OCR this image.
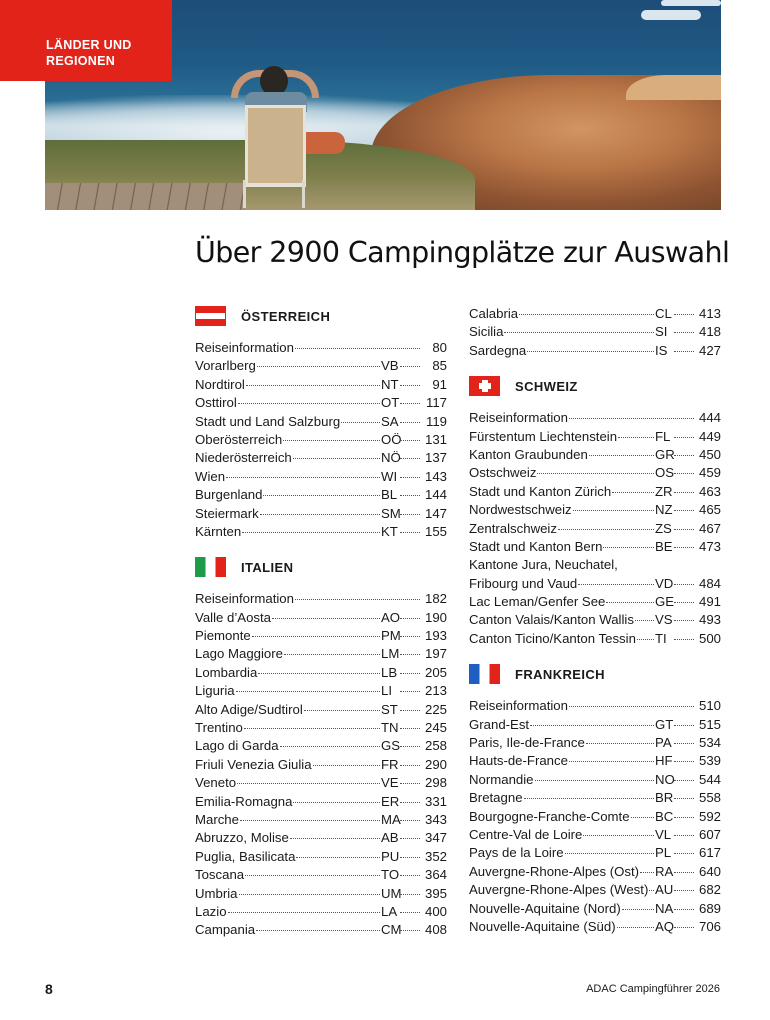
LÄNDER UND
REGIONEN
Über 2900 Campingplätze zur Auswahl
ÖSTERREICH
Reiseinformation	80
Vorarlberg	VB	85
Nordtirol	NT	91
Osttirol	OT	117
Stadt und Land Salzburg	SA	119
Oberösterreich	OÖ	131
Niederösterreich	NÖ	137
Wien	WI	143
Burgenland	BL	144
Steiermark	SM	147
Kärnten	KT	155
ITALIEN
Reiseinformation	182
Valle d’Aosta	AO	190
Piemonte	PM	193
Lago Maggiore	LM	197
Lombardia	LB	205
Liguria	LI	213
Alto Adige/Sudtirol	ST	225
Trentino	TN	245
Lago di Garda	GS	258
Friuli Venezia Giulia	FR	290
Veneto	VE	298
Emilia-Romagna	ER	331
Marche	MA	343
Abruzzo, Molise	AB	347
Puglia, Basilicata	PU	352
Toscana	TO	364
Umbria	UM	395
Lazio	LA	400
Campania	CM	408
Calabria	CL	413
Sicilia	SI	418
Sardegna	IS	427
SCHWEIZ
Reiseinformation	444
Fürstentum Liechtenstein	FL	449
Kanton Graubunden	GR	450
Ostschweiz	OS	459
Stadt und Kanton Zürich	ZR	463
Nordwestschweiz	NZ	465
Zentralschweiz	ZS	467
Stadt und Kanton Bern	BE	473
Kantone Jura, Neuchatel,
Fribourg und Vaud	VD	484
Lac Leman/Genfer See	GE	491
Canton Valais/Kanton Wallis VS	493
Canton Ticino/Kanton Tessin TI	500
FRANKREICH
Reiseinformation	510
Grand-Est	GT	515
Paris, Ile-de-France	PA	534
Hauts-de-France	HF	539
Normandie	NO	544
Bretagne	BR	558
Bourgogne-Franche-Comte BC	592
Centre-Val de Loire	VL	607
Pays de la Loire	PL	617
Auvergne-Rhone-Alpes (Ost) RA	640
Auvergne-Rhone-Alpes (West) AU	682
Nouvelle-Aquitaine (Nord)	NA	689
Nouvelle-Aquitaine (Süd)	AQ	706
8	ADAC Campingführer 2026
